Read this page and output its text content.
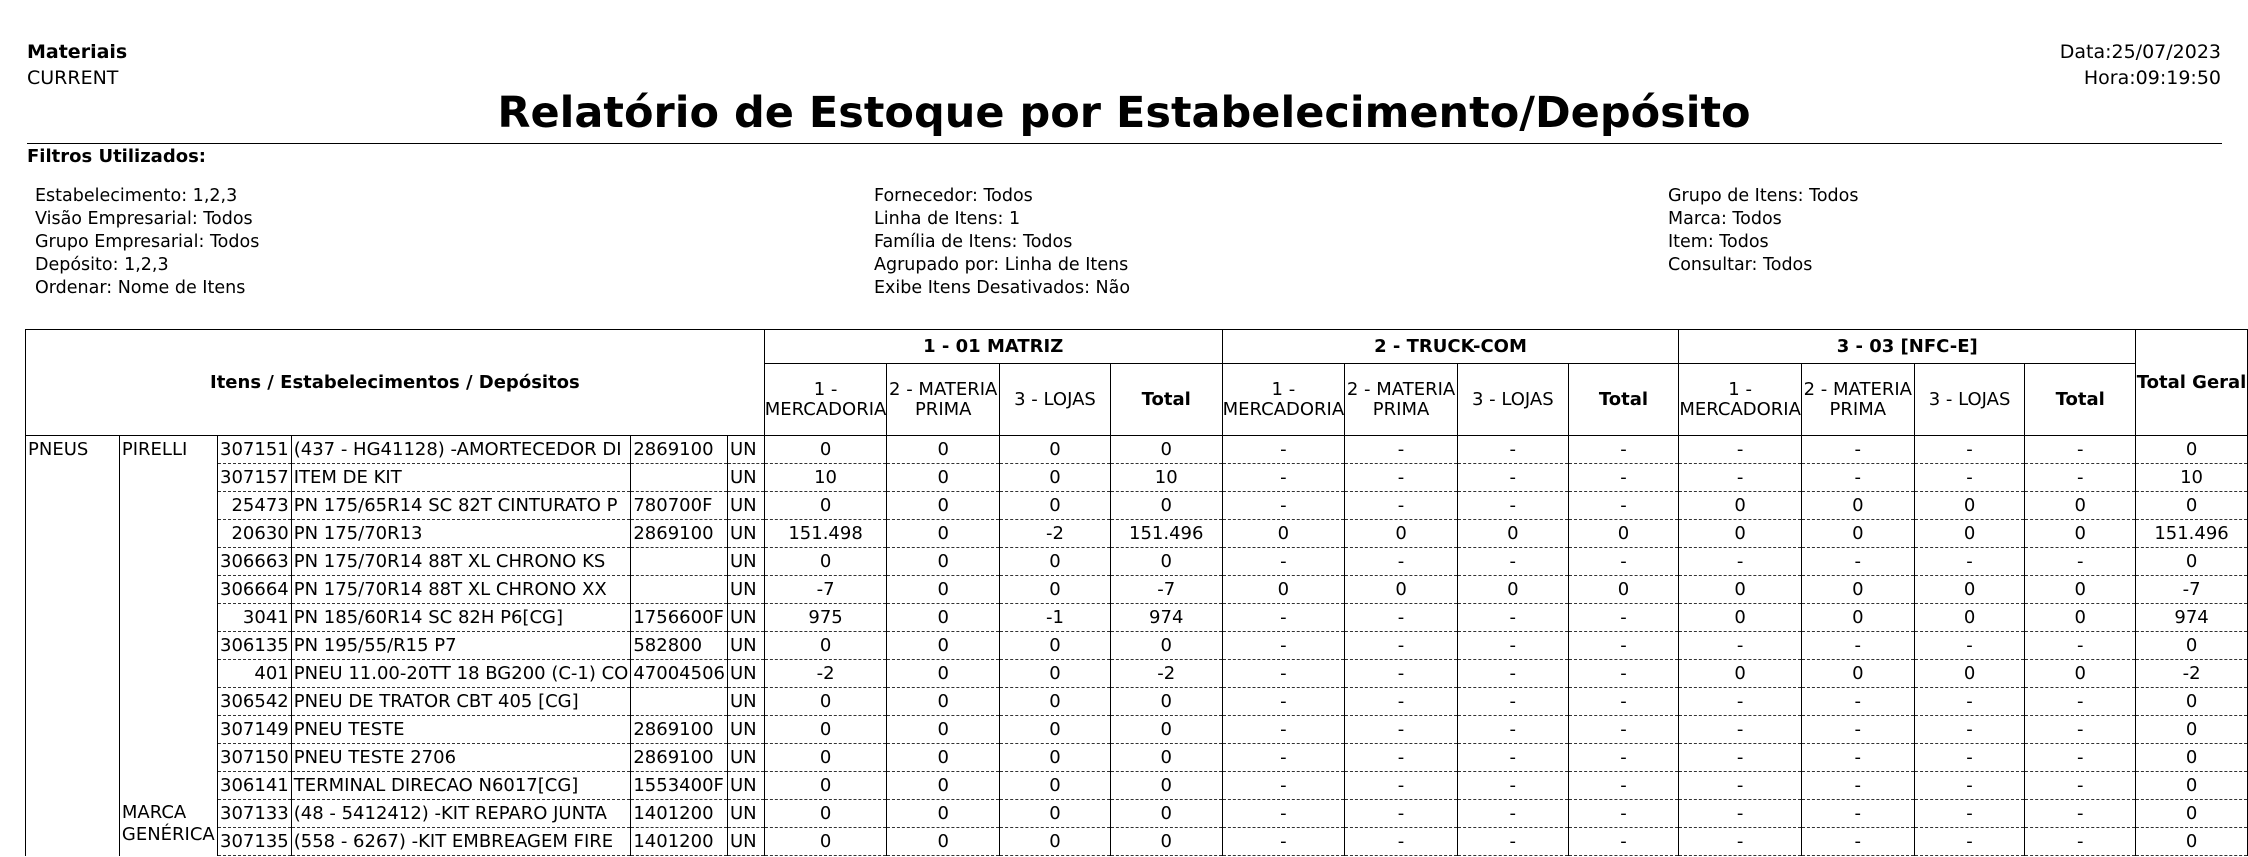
Materiais
CURRENT
Data:25/07/2023
Hora:09:19:50
Relatório de Estoque por Estabelecimento/Depósito
Filtros Utilizados:
Estabelecimento: 1,2,3
Visão Empresarial: Todos
Grupo Empresarial: Todos
Depósito: 1,2,3
Ordenar: Nome de Itens
Fornecedor: Todos
Linha de Itens: 1
Família de Itens: Todos
Agrupado por: Linha de Itens
Exibe Itens Desativados: Não
Grupo de Itens: Todos
Marca: Todos
Item: Todos
Consultar: Todos
Itens / Estabelecimentos / Depósitos						1 - 01 MATRIZ				2 - TRUCK-COM				3 - 03 [NFC-E]				Total Geral
						1 - MERCADORIA	2 - MATERIA PRIMA	3 - LOJAS	Total	1 - MERCADORIA	2 - MATERIA PRIMA	3 - LOJAS	Total	1 - MERCADORIA	2 - MATERIA PRIMA	3 - LOJAS	Total	
PNEUS	PIRELLI	307151	(437 - HG41128) -AMORTECEDOR DI	2869100	UN	0	0	0	0	-	-	-	-	-	-	-	-	0
		307157	ITEM DE KIT		UN	10	0	0	10	-	-	-	-	-	-	-	-	10
		25473	PN 175/65R14 SC 82T CINTURATO P	780700F	UN	0	0	0	0	-	-	-	-	0	0	0	0	0
		20630	PN 175/70R13	2869100	UN	151.498	0	-2	151.496	0	0	0	0	0	0	0	0	151.496
		306663	PN 175/70R14 88T XL CHRONO KS		UN	0	0	0	0	-	-	-	-	-	-	-	-	0
		306664	PN 175/70R14 88T XL CHRONO XX		UN	-7	0	0	-7	0	0	0	0	0	0	0	0	-7
		3041	PN 185/60R14 SC 82H P6[CG]	1756600F	UN	975	0	-1	974	-	-	-	-	0	0	0	0	974
		306135	PN 195/55/R15 P7	582800	UN	0	0	0	0	-	-	-	-	-	-	-	-	0
		401	PNEU 11.00-20TT 18 BG200 (C-1) CO	47004506	UN	-2	0	0	-2	-	-	-	-	0	0	0	0	-2
		306542	PNEU DE TRATOR CBT 405 [CG]		UN	0	0	0	0	-	-	-	-	-	-	-	-	0
		307149	PNEU TESTE	2869100	UN	0	0	0	0	-	-	-	-	-	-	-	-	0
		307150	PNEU TESTE 2706	2869100	UN	0	0	0	0	-	-	-	-	-	-	-	-	0
		306141	TERMINAL DIRECAO N6017[CG]	1553400F	UN	0	0	0	0	-	-	-	-	-	-	-	-	0
	MARCA GENÉRICA	307133	(48 - 5412412) -KIT REPARO JUNTA	1401200	UN	0	0	0	0	-	-	-	-	-	-	-	-	0
		307135	(558 - 6267) -KIT EMBREAGEM FIRE	1401200	UN	0	0	0	0	-	-	-	-	-	-	-	-	0
